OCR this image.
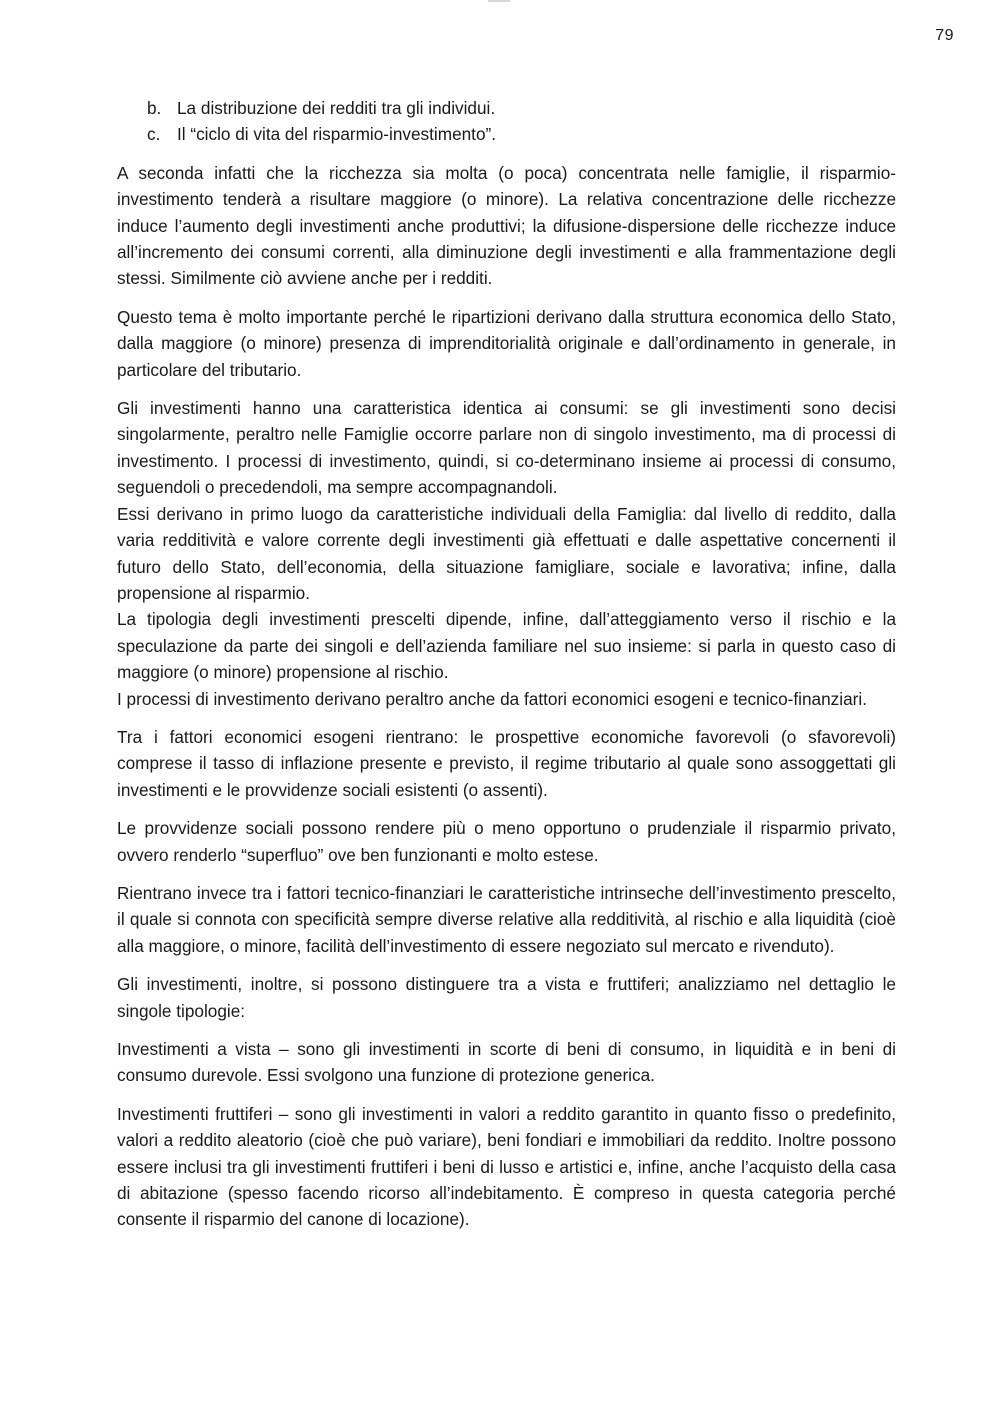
79
b. La distribuzione dei redditi tra gli individui.
c. Il “ciclo di vita del risparmio-investimento”.

A seconda infatti che la ricchezza sia molta (o poca) concentrata nelle famiglie, il risparmio-investimento tenderà a risultare maggiore (o minore). La relativa concentrazione delle ricchezze induce l’aumento degli investimenti anche produttivi; la difusione-dispersione delle ricchezze induce all’incremento dei consumi correnti, alla diminuzione degli investimenti e alla frammentazione degli stessi. Similmente ciò avviene anche per i redditi.

Questo tema è molto importante perché le ripartizioni derivano dalla struttura economica dello Stato, dalla maggiore (o minore) presenza di imprenditorialità originale e dall’ordinamento in generale, in particolare del tributario.

Gli investimenti hanno una caratteristica identica ai consumi: se gli investimenti sono decisi singolarmente, peraltro nelle Famiglie occorre parlare non di singolo investimento, ma di processi di investimento. I processi di investimento, quindi, si co-determinano insieme ai processi di consumo, seguendoli o precedendoli, ma sempre accompagnandoli.

Essi derivano in primo luogo da caratteristiche individuali della Famiglia: dal livello di reddito, dalla varia redditività e valore corrente degli investimenti già effettuati e dalle aspettative concernenti il futuro dello Stato, dell’economia, della situazione famigliare, sociale e lavorativa; infine, dalla propensione al risparmio.

La tipologia degli investimenti prescelti dipende, infine, dall’atteggiamento verso il rischio e la speculazione da parte dei singoli e dell’azienda familiare nel suo insieme: si parla in questo caso di maggiore (o minore) propensione al rischio.

I processi di investimento derivano peraltro anche da fattori economici esogeni e tecnico-finanziari.

Tra i fattori economici esogeni rientrano: le prospettive economiche favorevoli (o sfavorevoli) comprese il tasso di inflazione presente e previsto, il regime tributario al quale sono assoggettati gli investimenti e le provvidenze sociali esistenti (o assenti).

Le provvidenze sociali possono rendere più o meno opportuno o prudenziale il risparmio privato, ovvero renderlo “superfluo” ove ben funzionanti e molto estese.

Rientrano invece tra i fattori tecnico-finanziari le caratteristiche intrinseche dell’investimento prescelto, il quale si connota con specificità sempre diverse relative alla redditività, al rischio e alla liquidità (cioè alla maggiore, o minore, facilità dell’investimento di essere negoziato sul mercato e rivenduto).

Gli investimenti, inoltre, si possono distinguere tra a vista e fruttiferi; analizziamo nel dettaglio le singole tipologie:

Investimenti a vista – sono gli investimenti in scorte di beni di consumo, in liquidità e in beni di consumo durevole. Essi svolgono una funzione di protezione generica.

Investimenti fruttiferi – sono gli investimenti in valori a reddito garantito in quanto fisso o predefinito, valori a reddito aleatorio (cioè che può variare), beni fondiari e immobiliari da reddito. Inoltre possono essere inclusi tra gli investimenti fruttiferi i beni di lusso e artistici e, infine, anche l’acquisto della casa di abitazione (spesso facendo ricorso all’indebitamento. È compreso in questa categoria perché consente il risparmio del canone di locazione).
